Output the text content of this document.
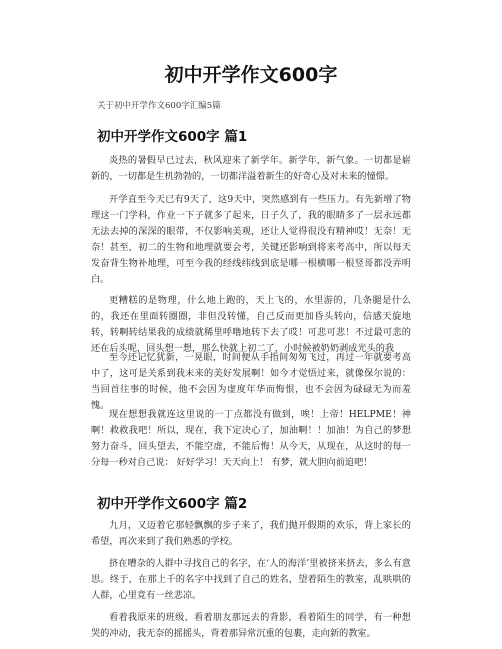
初中开学作文600字
关于初中开学作文600字汇编5篇
初中开学作文600字 篇1

炎热的暑假早已过去，秋风迎来了新学年。新学年，新气象。一切都是崭新的，一切都是生机勃勃的，一切都洋溢着新生的好奇心及对未来的憧憬。

开学直至今天已有9天了，这9天中，突然感到有一些压力。有先新增了物理这一门学科，作业一下子就多了起来，日子久了，我的眼睛多了一层永远都无法去掉的深深的眼带，不仅影响美观，还让人觉得很没有精神哎！无奈！无奈！甚至，初二的生物和地理就要会考，关键还影响到将来考高中，所以每天发奋背生物补地理，可至今我的经线纬线到底是哪一根横哪一根竖哥都没弄明白。

更糟糕的是物理，什么地上跑的，天上飞的，水里游的，几条腿是什么的，我还在里面转圈圈，非但没转懂，自己反而更加昏头转向，信感天旋地转，转啊转结果我的成绩就稀里呼噜地转下去了哎！可悲可悲！不过最可悲的还在后头呢，回头想一想，那么快就上初二了，小时候被奶奶剥成光头的我

至今还记忆犹新，一晃眼，时间便从手指间匆匆飞过，再过一年就要考高中了，这可是关系到我未来的美好发展啊！如今才觉悟过来，就像保尔说的： 当回首往事的时候，他不会因为虚度年华而悔恨，也不会因为碌碌无为而羞愧。

现在想想我就连这里说的一丁点都没有做到，唉！上帝！HELPME！神啊！救救我吧！所以，现在，我下定决心了，加油啊！！加油！为自己的梦想努力奋斗，回头望去，不能空虚，不能后悔！从今天，从现在，从这时的每一分每一秒对自己说： 好好学习！天天向上！ 有梦，就大胆向前追吧！

初中开学作文600字 篇2

九月，又迈着它那轻飘飘的步子来了，我们抛开假期的欢乐，背上家长的希望，再次来到了我们熟悉的学校。

挤在嘈杂的人群中寻找自己的名字，在‘人的海洋’里被挤来挤去，多么有意思。终于，在那上千的名字中找到了自己的姓名，望着陌生的教室，乱哄哄的人群，心里竟有一丝悲凉。

看着我原来的班级，看着朋友那远去的背影，看着陌生的同学，有一种想哭的冲动，我无奈的摇摇头，背着那异常沉重的包裹，走向新的教室。
